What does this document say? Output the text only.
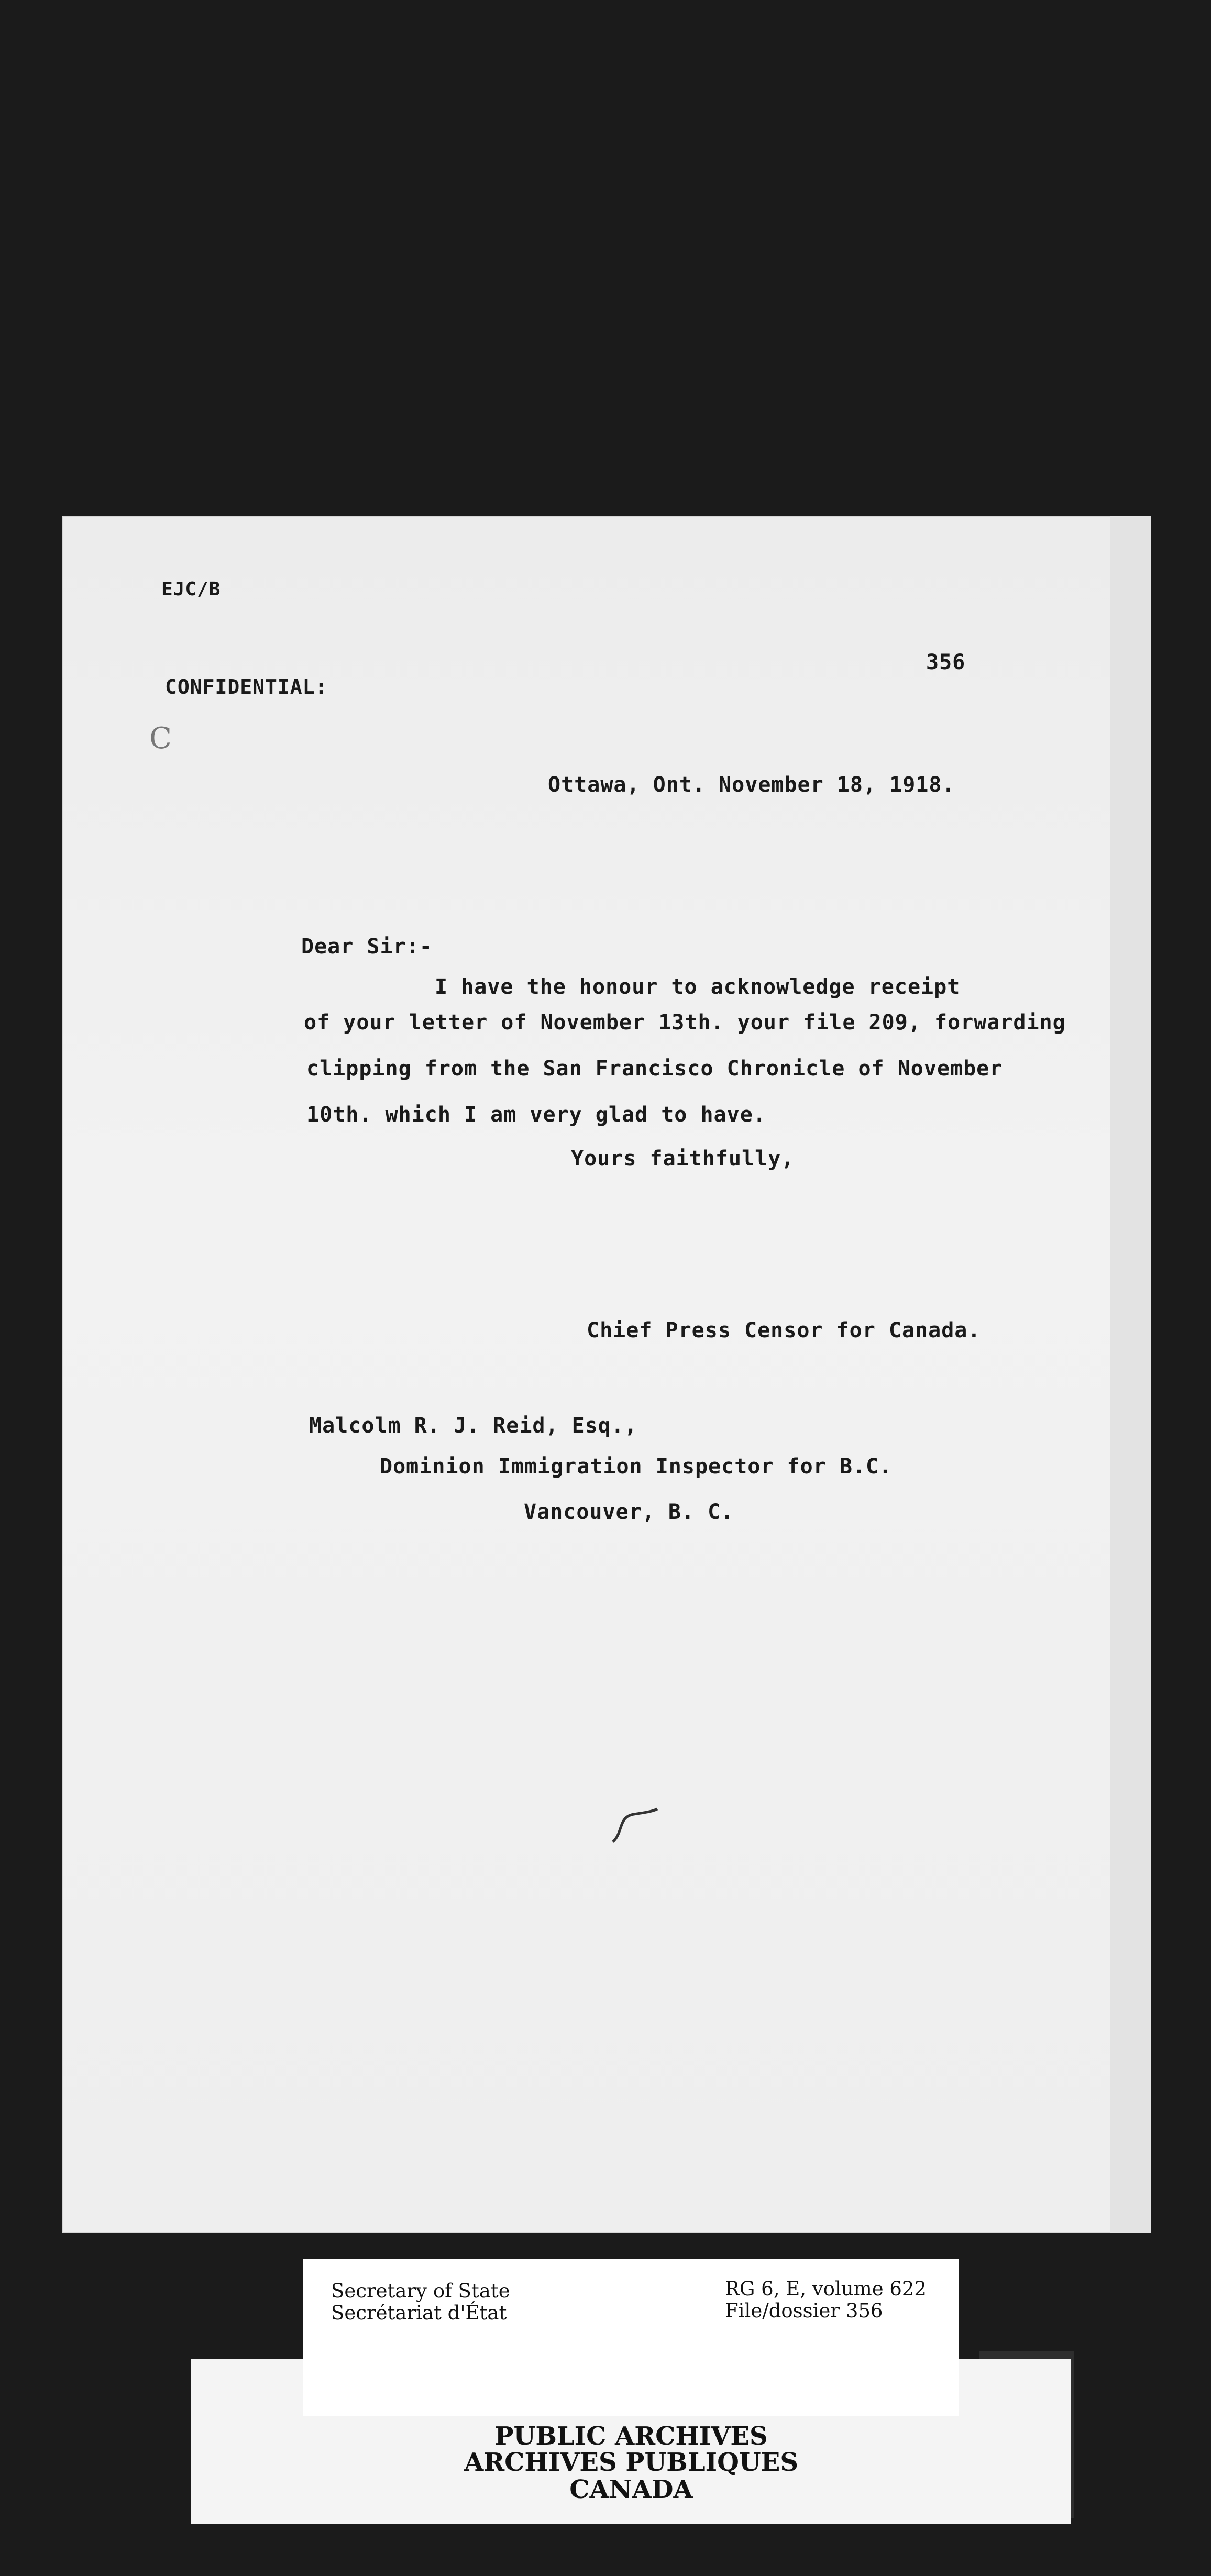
EJC/B
356
CONFIDENTIAL:
C
Ottawa, Ont. November 18, 1918.
Dear Sir:-
I have the honour to acknowledge receipt
of your letter of November 13th. your file 209, forwarding
clipping from the San Francisco Chronicle of November
10th. which I am very glad to have.
Yours faithfully,
Chief Press Censor for Canada.
Malcolm R. J. Reid, Esq.,
Dominion Immigration Inspector for B.C.
Vancouver, B. C.
PUBLIC ARCHIVES
ARCHIVES PUBLIQUES
CANADA
Secretary of State
Secrétariat d'État
RG 6, E, volume 622
File/dossier 356
